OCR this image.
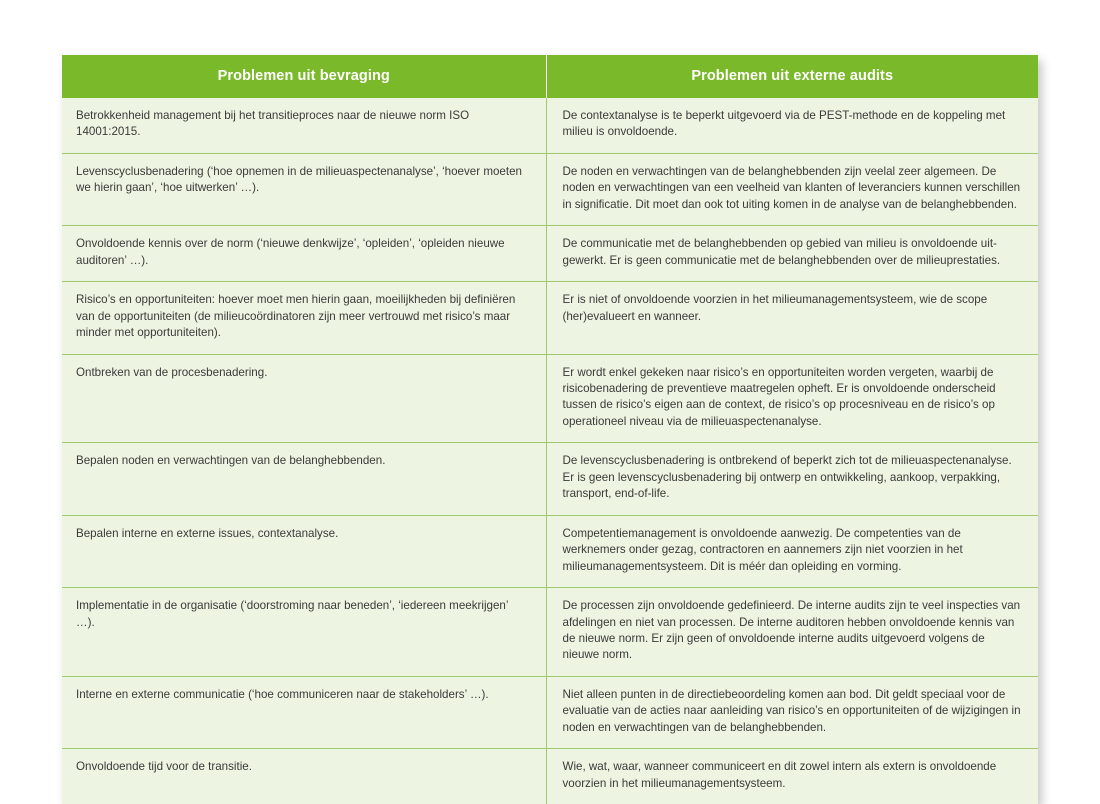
Problemen uit bevraging	Problemen uit externe audits
Betrokkenheid management bij het transitieproces naar de nieuwe norm ISO 14001:2015.	De contextanalyse is te beperkt uitgevoerd via de PEST-methode en de koppeling met milieu is onvoldoende.
Levenscyclusbenadering (‘hoe opnemen in de milieuaspectenanalyse’, ‘hoever moeten we hierin gaan’, ‘hoe uitwerken’ …).	De noden en verwachtingen van de belanghebbenden zijn veelal zeer algemeen. De noden en verwachtingen van een veelheid van klanten of leveranciers kunnen verschillen in significatie. Dit moet dan ook tot uiting komen in de analyse van de belanghebbenden.
Onvoldoende kennis over de norm (‘nieuwe denkwijze’, ‘opleiden’, ‘opleiden nieuwe auditoren’ …).	De communicatie met de belanghebbenden op gebied van milieu is onvoldoende uit-gewerkt. Er is geen communicatie met de belanghebbenden over de milieuprestaties.
Risico’s en opportuniteiten: hoever moet men hierin gaan, moeilijkheden bij definiëren van de opportuniteiten (de milieucoördinatoren zijn meer vertrouwd met risico’s maar minder met opportuniteiten).	Er is niet of onvoldoende voorzien in het milieumanagementsysteem, wie de scope (her)evalueert en wanneer.
Ontbreken van de procesbenadering.	Er wordt enkel gekeken naar risico’s en opportuniteiten worden vergeten, waarbij de risicobenadering de preventieve maatregelen opheft. Er is onvoldoende onderscheid tussen de risico’s eigen aan de context, de risico’s op procesniveau en de risico’s op operationeel niveau via de milieuaspectenanalyse.
Bepalen noden en verwachtingen van de belanghebbenden.	De levenscyclusbenadering is ontbrekend of beperkt zich tot de milieuaspectenanalyse. Er is geen levenscyclusbenadering bij ontwerp en ontwikkeling, aankoop, verpakking, transport, end-of-life.
Bepalen interne en externe issues, contextanalyse.	Competentiemanagement is onvoldoende aanwezig. De competenties van de werknemers onder gezag, contractoren en aannemers zijn niet voorzien in het milieumanagementsysteem. Dit is méér dan opleiding en vorming.
Implementatie in de organisatie (‘doorstroming naar beneden’, ‘iedereen meekrijgen’ …).	De processen zijn onvoldoende gedefinieerd. De interne audits zijn te veel inspecties van afdelingen en niet van processen. De interne auditoren hebben onvoldoende kennis van de nieuwe norm. Er zijn geen of onvoldoende interne audits uitgevoerd volgens de nieuwe norm.
Interne en externe communicatie (‘hoe communiceren naar de stakeholders’ …).	Niet alleen punten in de directiebeoordeling komen aan bod. Dit geldt speciaal voor de evaluatie van de acties naar aanleiding van risico’s en opportuniteiten of de wijzigingen in noden en verwachtingen van de belanghebbenden.
Onvoldoende tijd voor de transitie.	Wie, wat, waar, wanneer communiceert en dit zowel intern als extern is onvoldoende voorzien in het milieumanagementsysteem.
